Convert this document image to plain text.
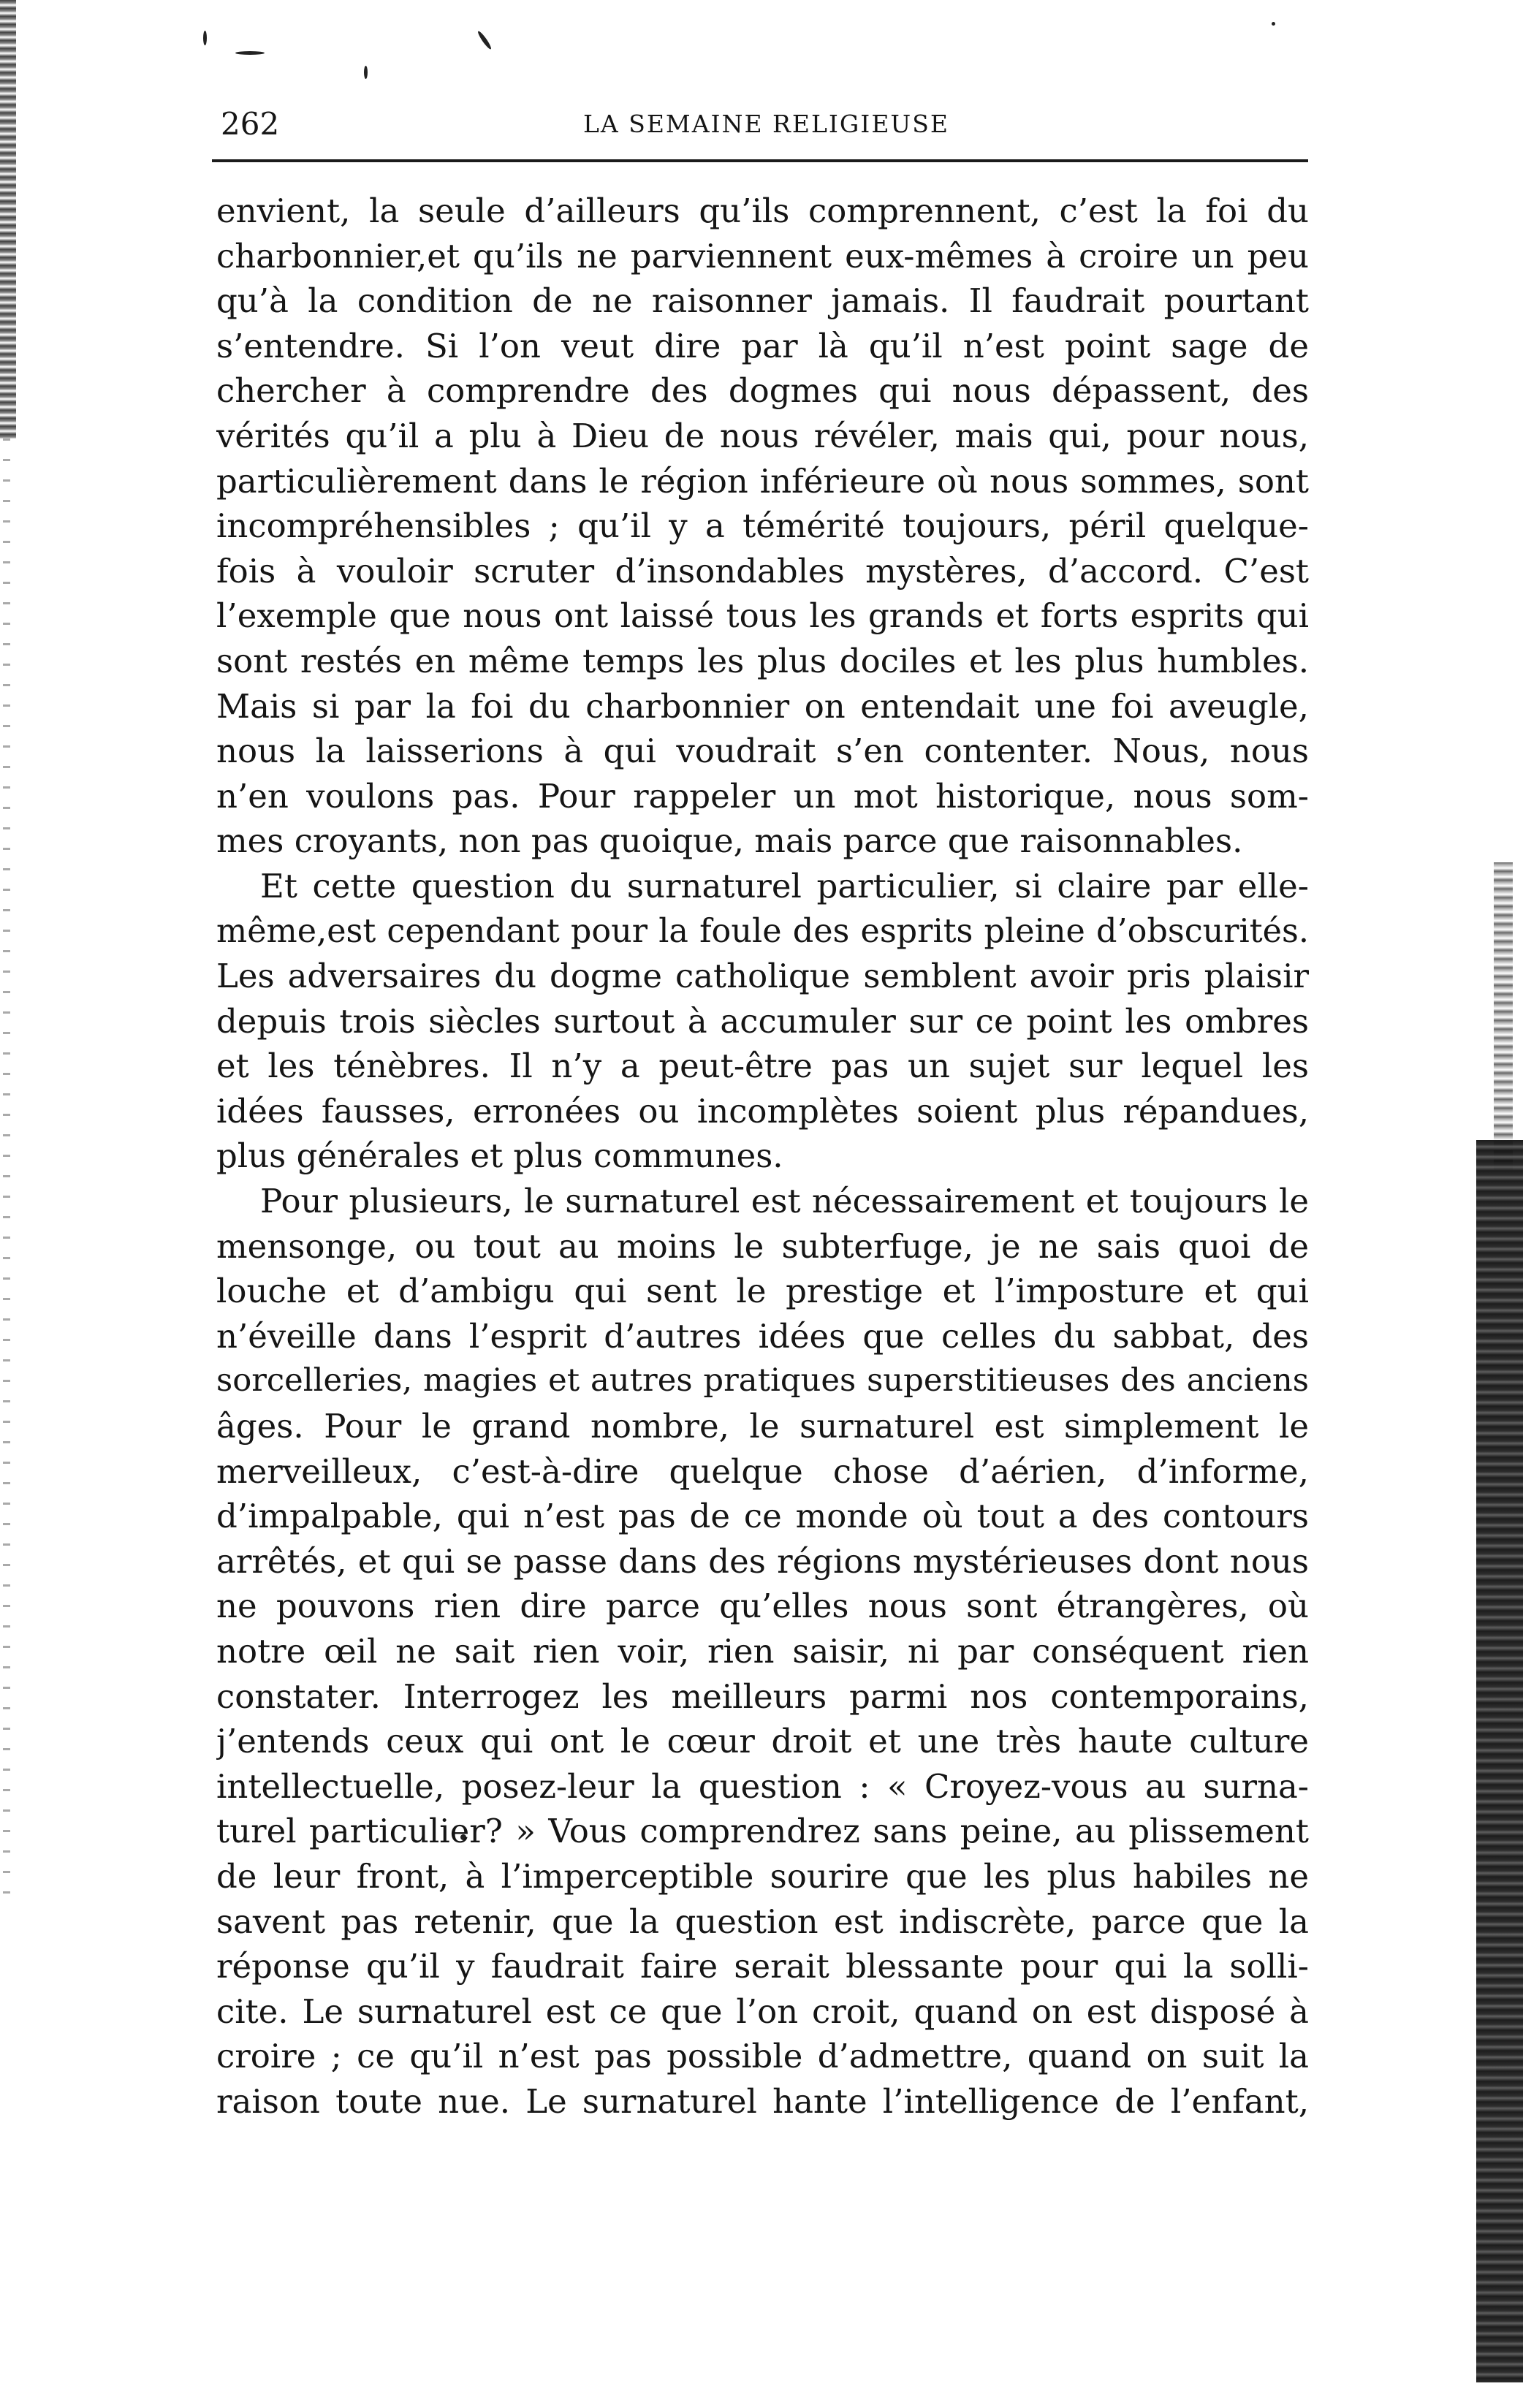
262	LA SEMAINE RELIGIEUSE
envient, la seule d’ailleurs qu’ils comprennent, c’est la foi du
charbonnier,et qu’ils ne parviennent eux-mêmes à croire un peu
qu’à la condition de ne raisonner jamais. Il faudrait pourtant
s’entendre. Si l’on veut dire par là qu’il n’est point sage de
chercher à comprendre des dogmes qui nous dépassent, des
vérités qu’il a plu à Dieu de nous révéler, mais qui, pour nous,
particulièrement dans le région inférieure où nous sommes, sont
incompréhensibles ; qu’il y a témérité toujours, péril quelque-
fois à vouloir scruter d’insondables mystères, d’accord. C’est
l’exemple que nous ont laissé tous les grands et forts esprits qui
sont restés en même temps les plus dociles et les plus humbles.
Mais si par la foi du charbonnier on entendait une foi aveugle,
nous la laisserions à qui voudrait s’en contenter. Nous, nous
n’en voulons pas. Pour rappeler un mot historique, nous som-
mes croyants, non pas quoique, mais parce que raisonnables.
Et cette question du surnaturel particulier, si claire par elle-
même,est cependant pour la foule des esprits pleine d’obscurités.
Les adversaires du dogme catholique semblent avoir pris plaisir
depuis trois siècles surtout à accumuler sur ce point les ombres
et les ténèbres. Il n’y a peut-être pas un sujet sur lequel les
idées fausses, erronées ou incomplètes soient plus répandues,
plus générales et plus communes.
Pour plusieurs, le surnaturel est nécessairement et toujours le
mensonge, ou tout au moins le subterfuge, je ne sais quoi de
louche et d’ambigu qui sent le prestige et l’imposture et qui
n’éveille dans l’esprit d’autres idées que celles du sabbat, des
sorcelleries, magies et autres pratiques superstitieuses des anciens
âges. Pour le grand nombre, le surnaturel est simplement le
merveilleux, c’est-à-dire quelque chose d’aérien, d’informe,
d’impalpable, qui n’est pas de ce monde où tout a des contours
arrêtés, et qui se passe dans des régions mystérieuses dont nous
ne pouvons rien dire parce qu’elles nous sont étrangères, où
notre œil ne sait rien voir, rien saisir, ni par conséquent rien
constater. Interrogez les meilleurs parmi nos contemporains,
j’entends ceux qui ont le cœur droit et une très haute culture
intellectuelle, posez-leur la question : « Croyez-vous au surna-
turel particulier? » Vous comprendrez sans peine, au plissement
de leur front, à l’imperceptible sourire que les plus habiles ne
savent pas retenir, que la question est indiscrète, parce que la
réponse qu’il y faudrait faire serait blessante pour qui la solli-
cite. Le surnaturel est ce que l’on croit, quand on est disposé à
croire ; ce qu’il n’est pas possible d’admettre, quand on suit la
raison toute nue. Le surnaturel hante l’intelligence de l’enfant,
